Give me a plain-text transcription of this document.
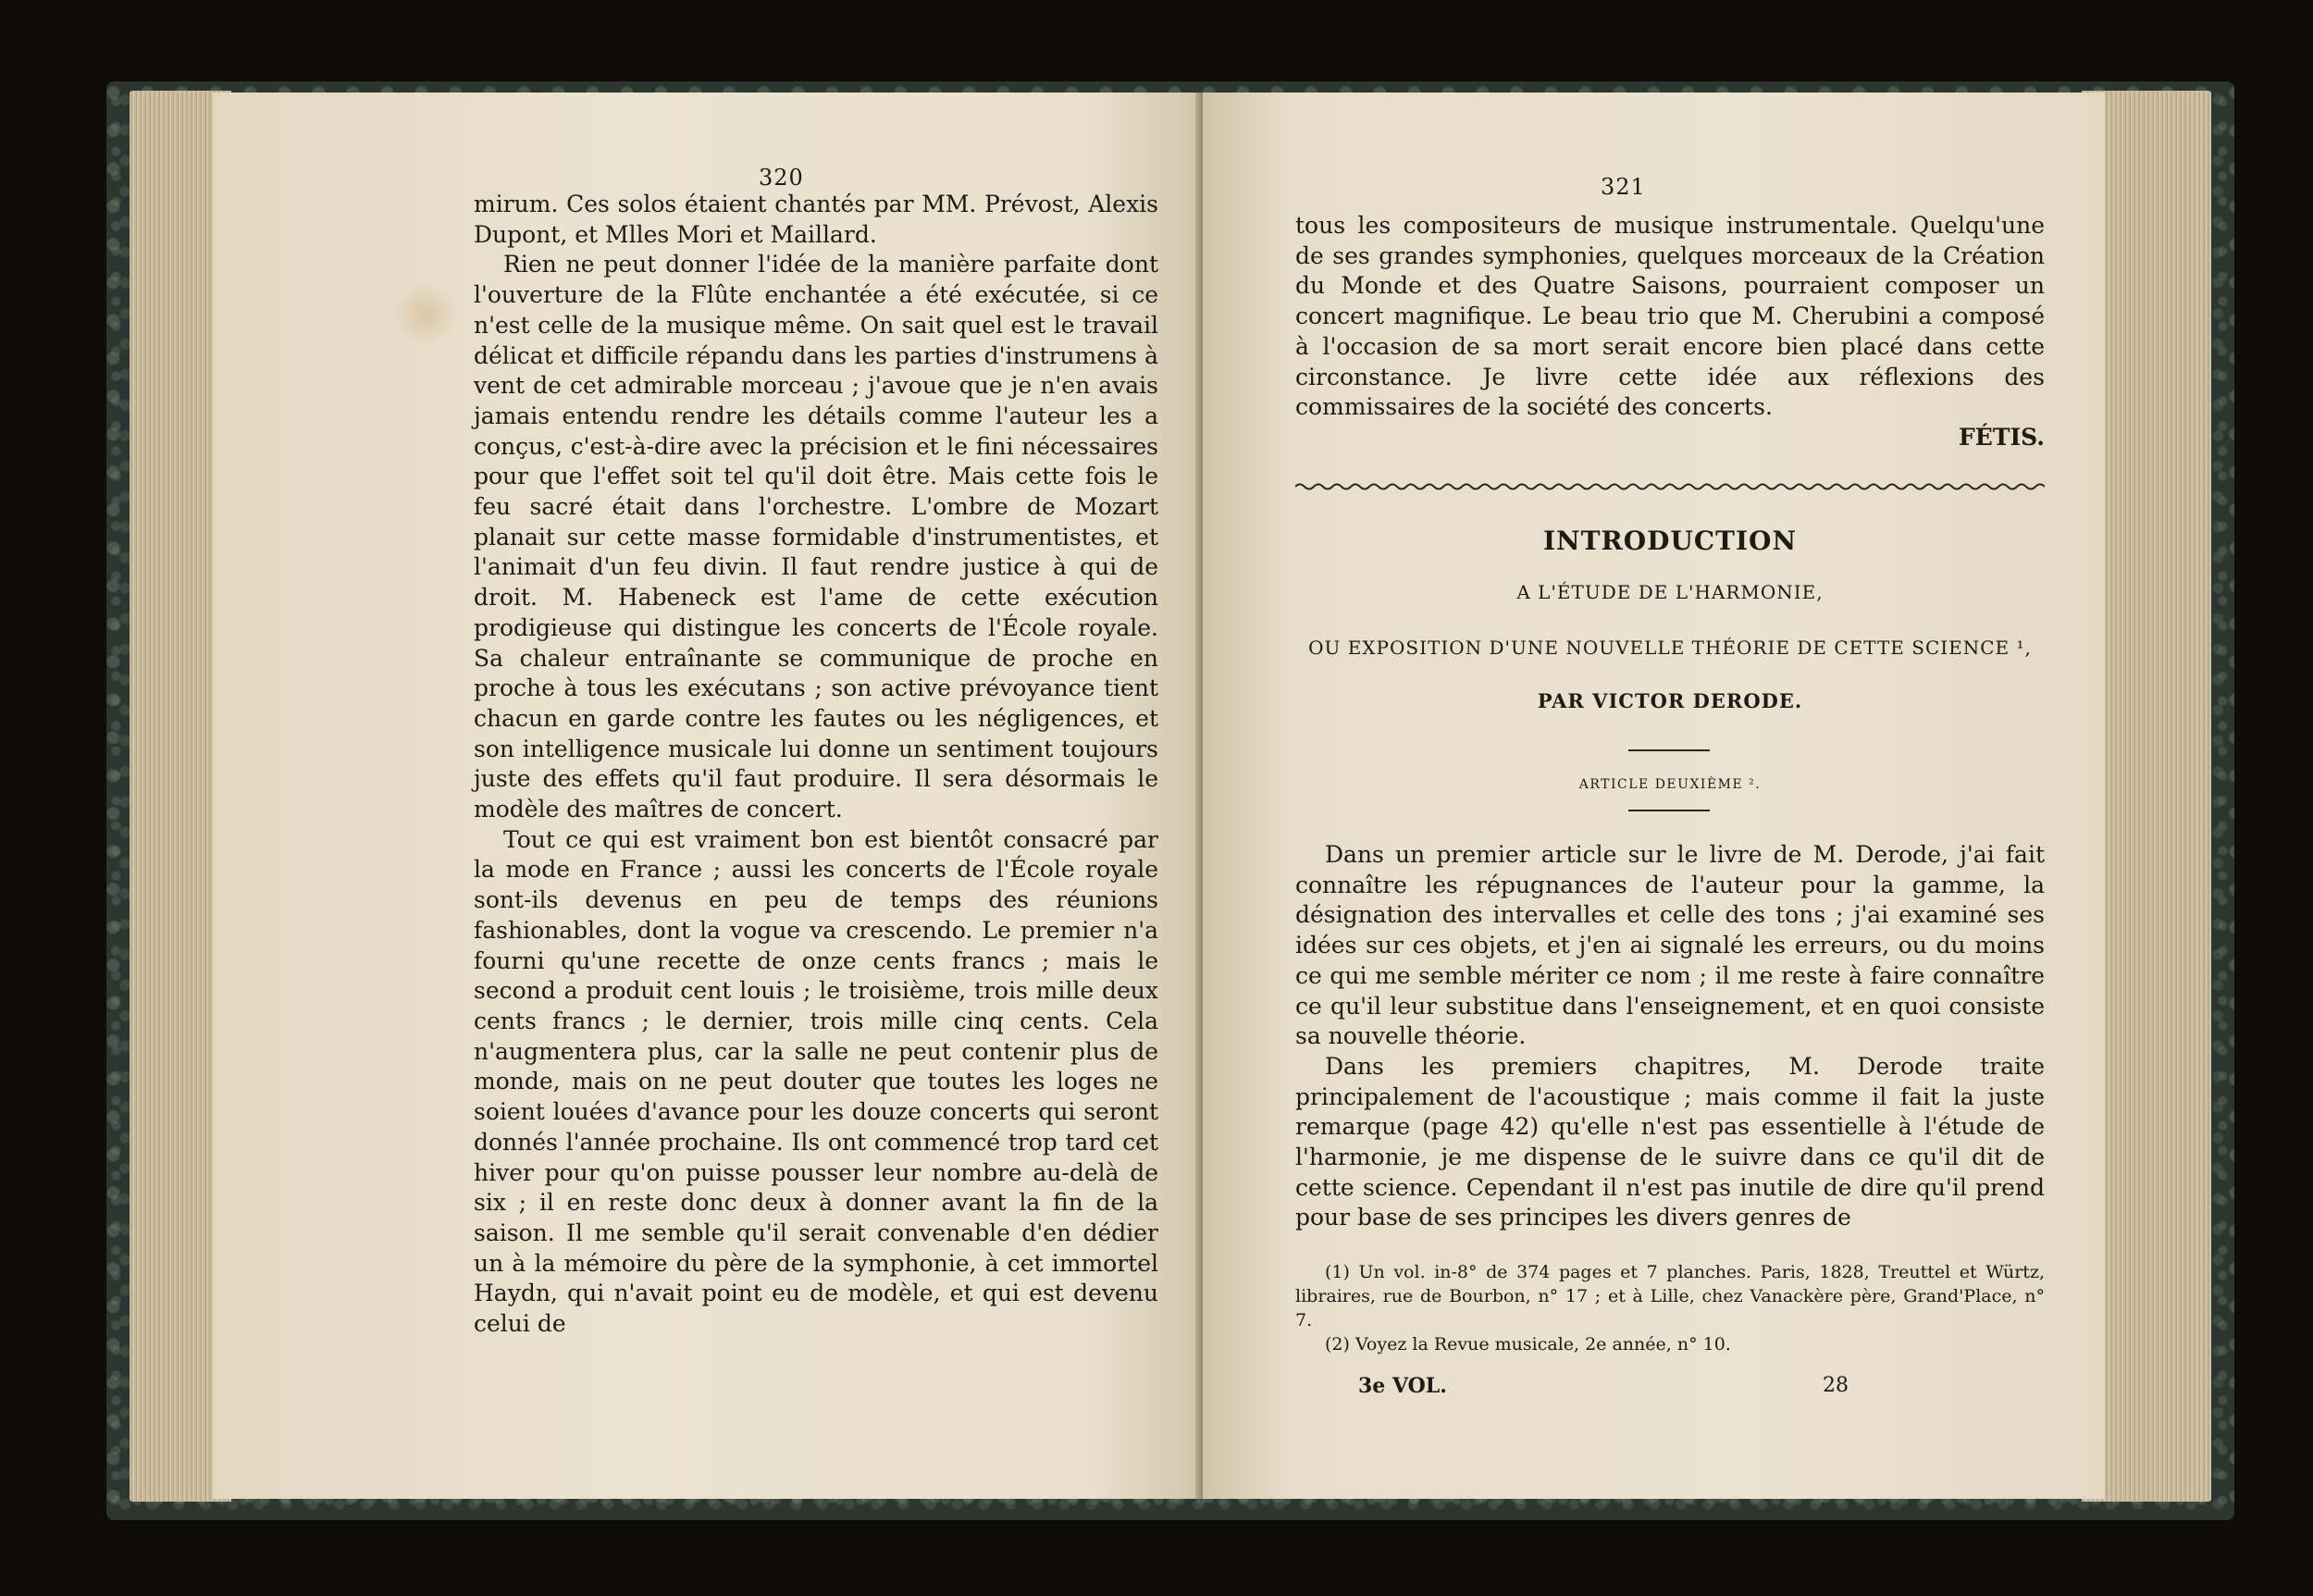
320

mirum. Ces solos étaient chantés par MM. Prévost, Alexis Dupont, et Mlles Mori et Maillard.

Rien ne peut donner l'idée de la manière parfaite dont l'ouverture de la Flûte enchantée a été exécutée, si ce n'est celle de la musique même. On sait quel est le travail délicat et difficile répandu dans les parties d'instrumens à vent de cet admirable morceau ; j'avoue que je n'en avais jamais entendu rendre les détails comme l'auteur les a conçus, c'est-à-dire avec la précision et le fini nécessaires pour que l'effet soit tel qu'il doit être. Mais cette fois le feu sacré était dans l'orchestre. L'ombre de Mozart planait sur cette masse formidable d'instrumentistes, et l'animait d'un feu divin. Il faut rendre justice à qui de droit. M. Habeneck est l'ame de cette exécution prodigieuse qui distingue les concerts de l'École royale. Sa chaleur entraînante se communique de proche en proche à tous les exécutans ; son active prévoyance tient chacun en garde contre les fautes ou les négligences, et son intelligence musicale lui donne un sentiment toujours juste des effets qu'il faut produire. Il sera désormais le modèle des maîtres de concert.

Tout ce qui est vraiment bon est bientôt consacré par la mode en France ; aussi les concerts de l'École royale sont-ils devenus en peu de temps des réunions fashionables, dont la vogue va crescendo. Le premier n'a fourni qu'une recette de onze cents francs ; mais le second a produit cent louis ; le troisième, trois mille deux cents francs ; le dernier, trois mille cinq cents. Cela n'augmentera plus, car la salle ne peut contenir plus de monde, mais on ne peut douter que toutes les loges ne soient louées d'avance pour les douze concerts qui seront donnés l'année prochaine. Ils ont commencé trop tard cet hiver pour qu'on puisse pousser leur nombre au-delà de six ; il en reste donc deux à donner avant la fin de la saison. Il me semble qu'il serait convenable d'en dédier un à la mémoire du père de la symphonie, à cet immortel Haydn, qui n'avait point eu de modèle, et qui est devenu celui de

321

tous les compositeurs de musique instrumentale. Quelqu'une de ses grandes symphonies, quelques morceaux de la Création du Monde et des Quatre Saisons, pourraient composer un concert magnifique. Le beau trio que M. Cherubini a composé à l'occasion de sa mort serait encore bien placé dans cette circonstance. Je livre cette idée aux réflexions des commissaires de la société des concerts.

FÉTIS.

INTRODUCTION
A L'ÉTUDE DE L'HARMONIE,
OU EXPOSITION D'UNE NOUVELLE THÉORIE DE CETTE SCIENCE ¹,
PAR VICTOR DERODE.
ARTICLE DEUXIÈME ².

Dans un premier article sur le livre de M. Derode, j'ai fait connaître les répugnances de l'auteur pour la gamme, la désignation des intervalles et celle des tons ; j'ai examiné ses idées sur ces objets, et j'en ai signalé les erreurs, ou du moins ce qui me semble mériter ce nom ; il me reste à faire connaître ce qu'il leur substitue dans l'enseignement, et en quoi consiste sa nouvelle théorie.

Dans les premiers chapitres, M. Derode traite principalement de l'acoustique ; mais comme il fait la juste remarque (page 42) qu'elle n'est pas essentielle à l'étude de l'harmonie, je me dispense de le suivre dans ce qu'il dit de cette science. Cependant il n'est pas inutile de dire qu'il prend pour base de ses principes les divers genres de

(1) Un vol. in-8° de 374 pages et 7 planches. Paris, 1828, Treuttel et Würtz, libraires, rue de Bourbon, n° 17 ; et à Lille, chez Vanackère père, Grand'Place, n° 7.

(2) Voyez la Revue musicale, 2e année, n° 10.

3e VOL.	28
